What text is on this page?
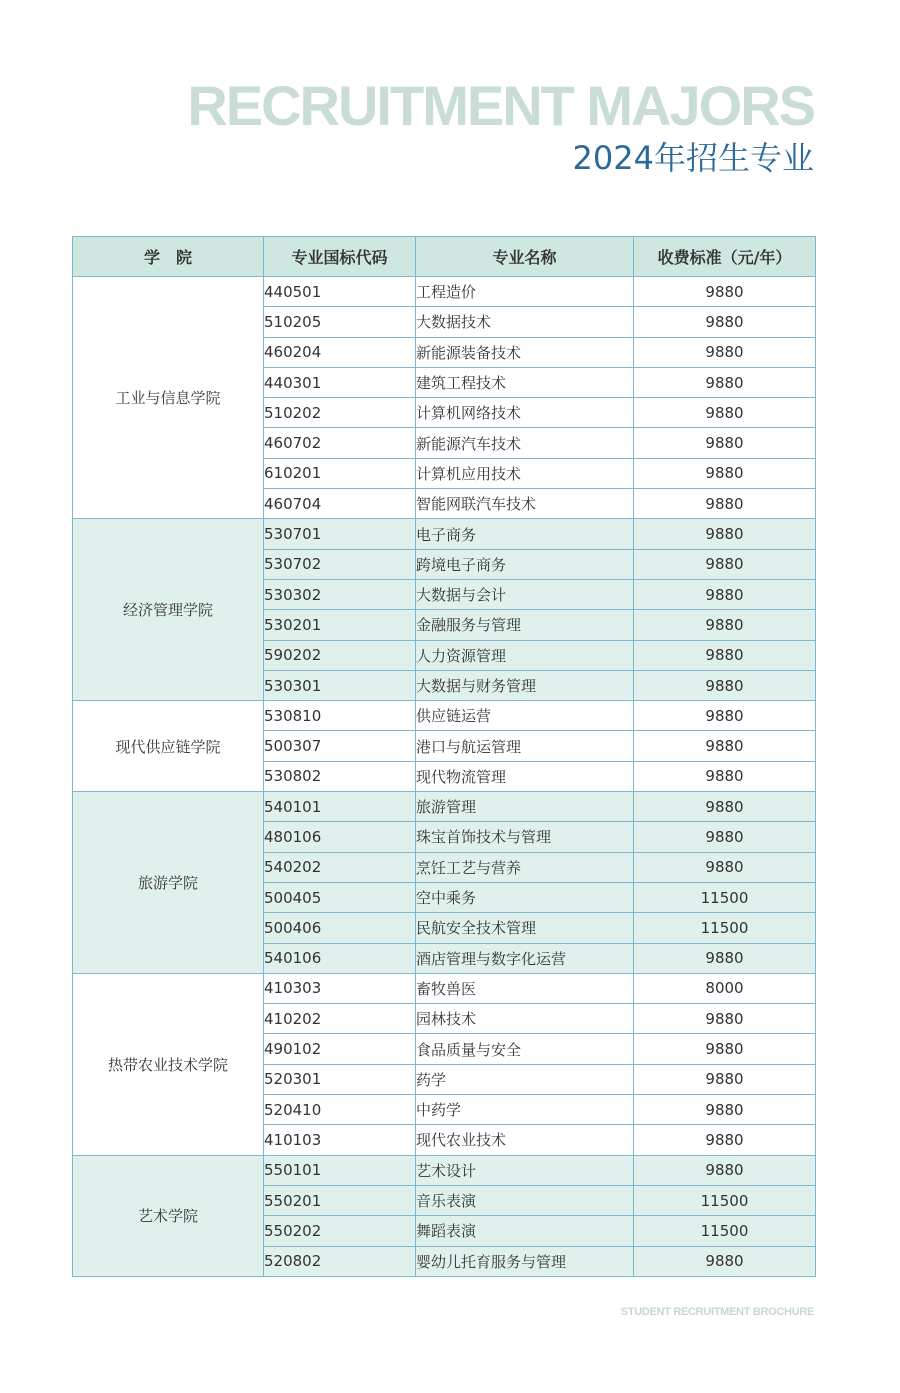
RECRUITMENT MAJORS
2024年招生专业
学　院	专业国标代码	专业名称	收费标准（元/年）
工业与信息学院	440501	工程造价	9880
	510205	大数据技术	9880
	460204	新能源装备技术	9880
	440301	建筑工程技术	9880
	510202	计算机网络技术	9880
	460702	新能源汽车技术	9880
	610201	计算机应用技术	9880
	460704	智能网联汽车技术	9880
经济管理学院	530701	电子商务	9880
	530702	跨境电子商务	9880
	530302	大数据与会计	9880
	530201	金融服务与管理	9880
	590202	人力资源管理	9880
	530301	大数据与财务管理	9880
现代供应链学院	530810	供应链运营	9880
	500307	港口与航运管理	9880
	530802	现代物流管理	9880
旅游学院	540101	旅游管理	9880
	480106	珠宝首饰技术与管理	9880
	540202	烹饪工艺与营养	9880
	500405	空中乘务	11500
	500406	民航安全技术管理	11500
	540106	酒店管理与数字化运营	9880
热带农业技术学院	410303	畜牧兽医	8000
	410202	园林技术	9880
	490102	食品质量与安全	9880
	520301	药学	9880
	520410	中药学	9880
	410103	现代农业技术	9880
艺术学院	550101	艺术设计	9880
	550201	音乐表演	11500
	550202	舞蹈表演	11500
	520802	婴幼儿托育服务与管理	9880
STUDENT RECRUITMENT BROCHURE
